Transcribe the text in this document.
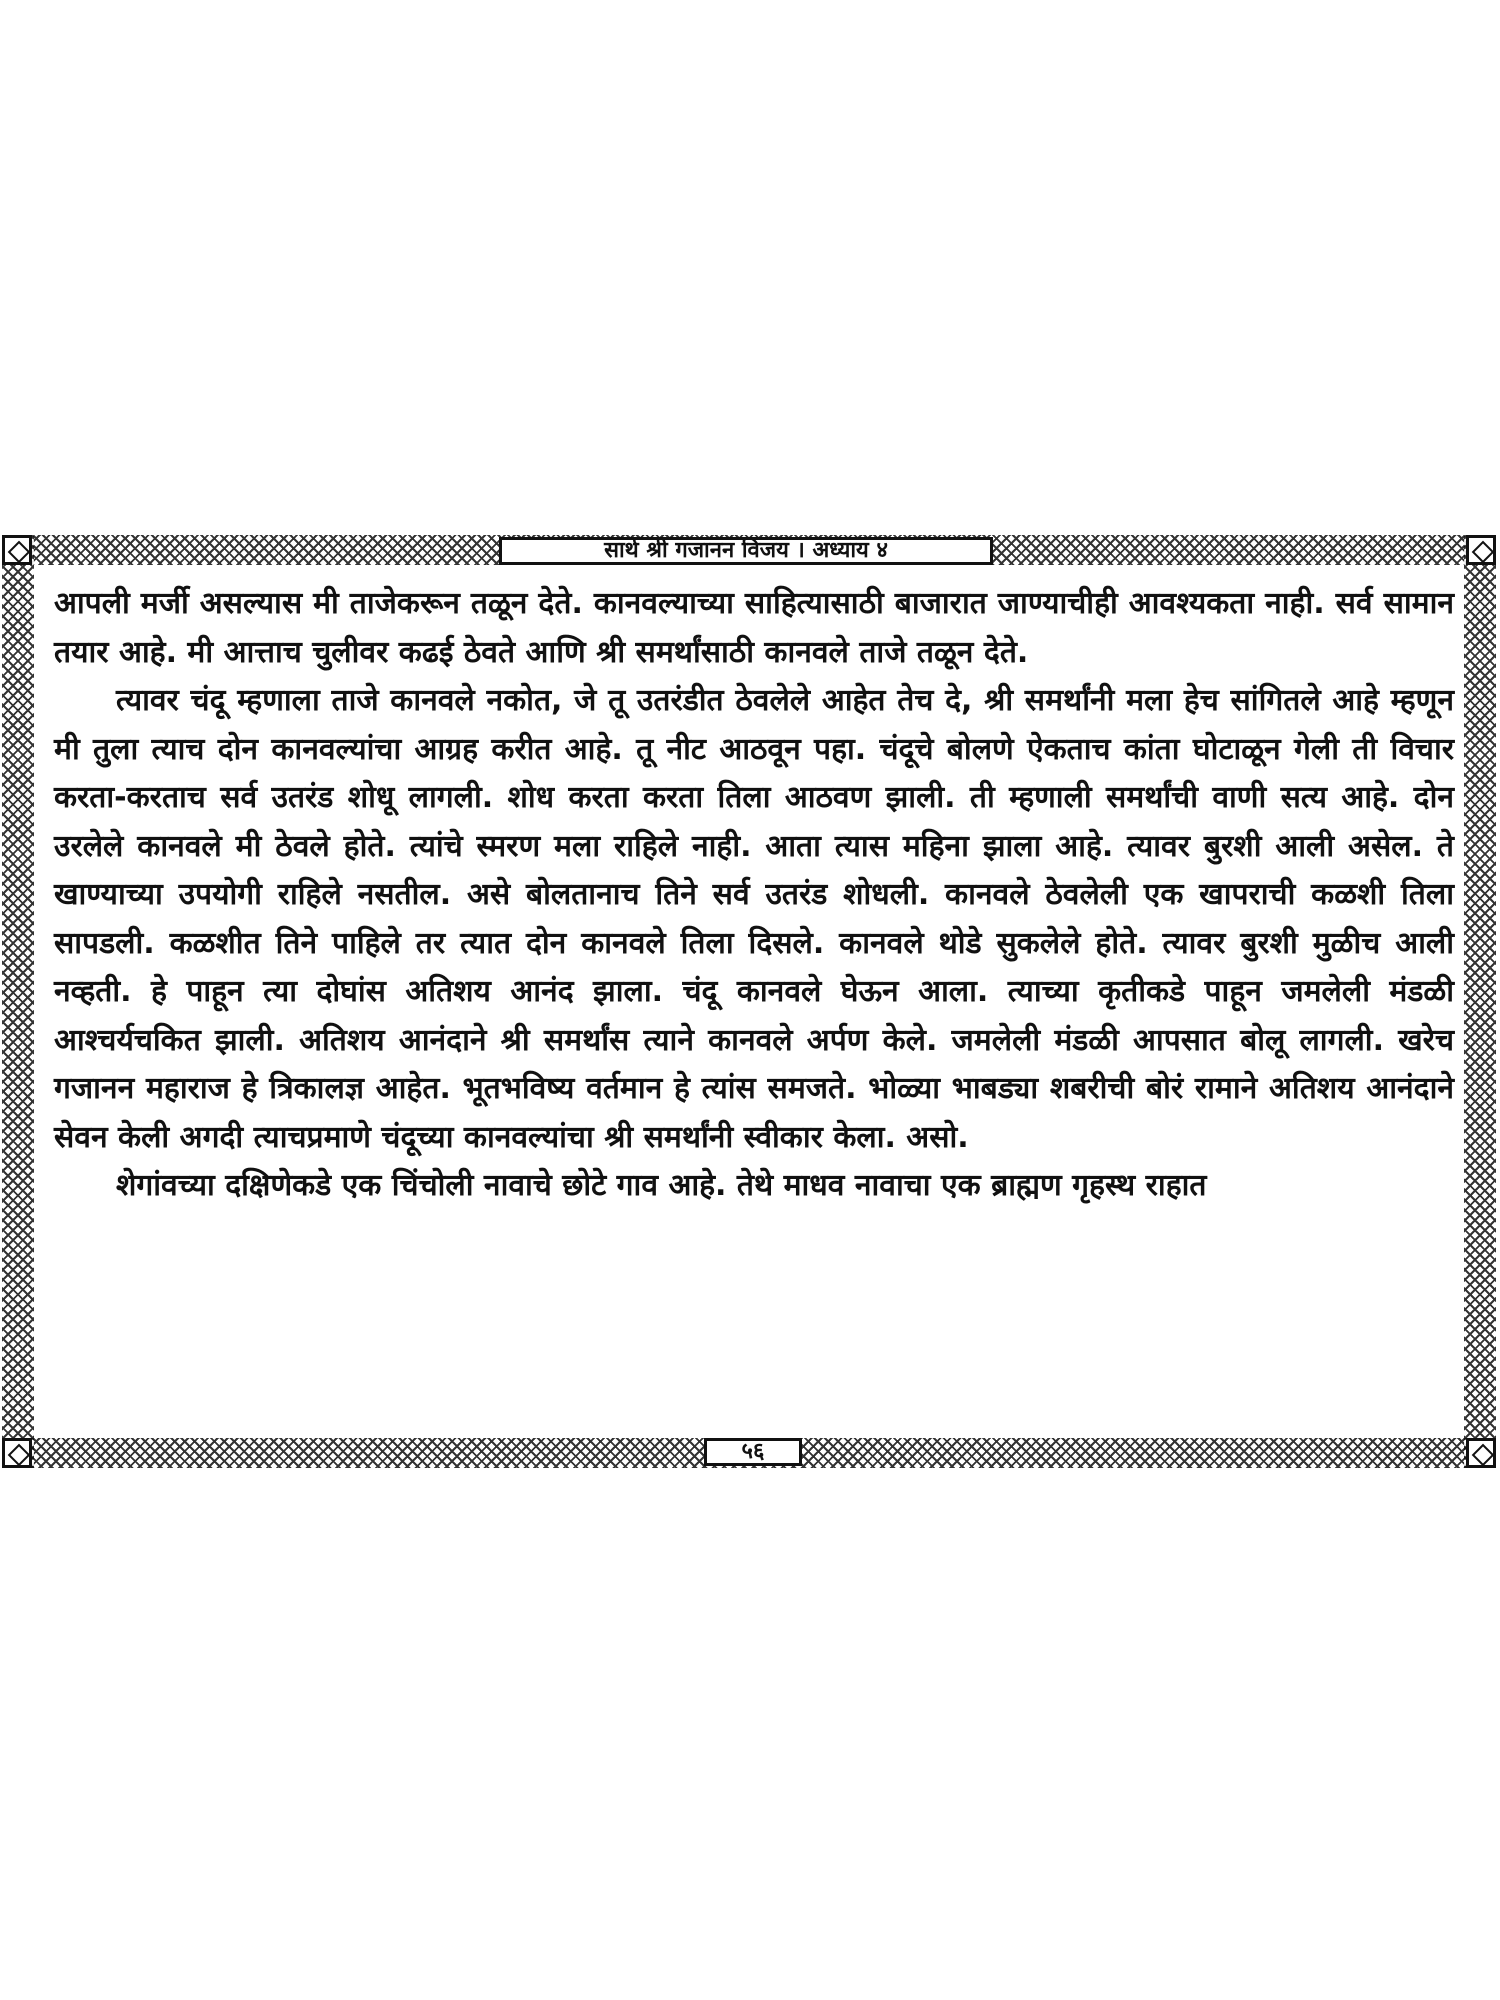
सार्थ श्री गजानन विजय । अध्याय ४

आपली मर्जी असल्यास मी ताजेकरून तळून देते. कानवल्याच्या साहित्यासाठी बाजारात जाण्याचीही आवश्यकता नाही. सर्व सामान तयार आहे. मी आत्ताच चुलीवर कढई ठेवते आणि श्री समर्थांसाठी कानवले ताजे तळून देते.

त्यावर चंदू म्हणाला ताजे कानवले नकोत, जे तू उतरंडीत ठेवलेले आहेत तेच दे, श्री समर्थांनी मला हेच सांगितले आहे म्हणून मी तुला त्याच दोन कानवल्यांचा आग्रह करीत आहे. तू नीट आठवून पहा. चंदूचे बोलणे ऐकताच कांता घोटाळून गेली ती विचार करता-करताच सर्व उतरंड शोधू लागली. शोध करता करता तिला आठवण झाली. ती म्हणाली समर्थांची वाणी सत्य आहे. दोन उरलेले कानवले मी ठेवले होते. त्यांचे स्मरण मला राहिले नाही. आता त्यास महिना झाला आहे. त्यावर बुरशी आली असेल. ते खाण्याच्या उपयोगी राहिले नसतील. असे बोलतानाच तिने सर्व उतरंड शोधली. कानवले ठेवलेली एक खापराची कळशी तिला सापडली. कळशीत तिने पाहिले तर त्यात दोन कानवले तिला दिसले. कानवले थोडे सुकलेले होते. त्यावर बुरशी मुळीच आली नव्हती. हे पाहून त्या दोघांस अतिशय आनंद झाला. चंदू कानवले घेऊन आला. त्याच्या कृतीकडे पाहून जमलेली मंडळी आश्चर्यचकित झाली. अतिशय आनंदाने श्री समर्थांस त्याने कानवले अर्पण केले. जमलेली मंडळी आपसात बोलू लागली. खरेच गजानन महाराज हे त्रिकालज्ञ आहेत. भूतभविष्य वर्तमान हे त्यांस समजते. भोळ्या भाबड्या शबरीची बोरं रामाने अतिशय आनंदाने सेवन केली अगदी त्याचप्रमाणे चंदूच्या कानवल्यांचा श्री समर्थांनी स्वीकार केला. असो.

शेगांवच्या दक्षिणेकडे एक चिंचोली नावाचे छोटे गाव आहे. तेथे माधव नावाचा एक ब्राह्मण गृहस्थ राहात

५६
